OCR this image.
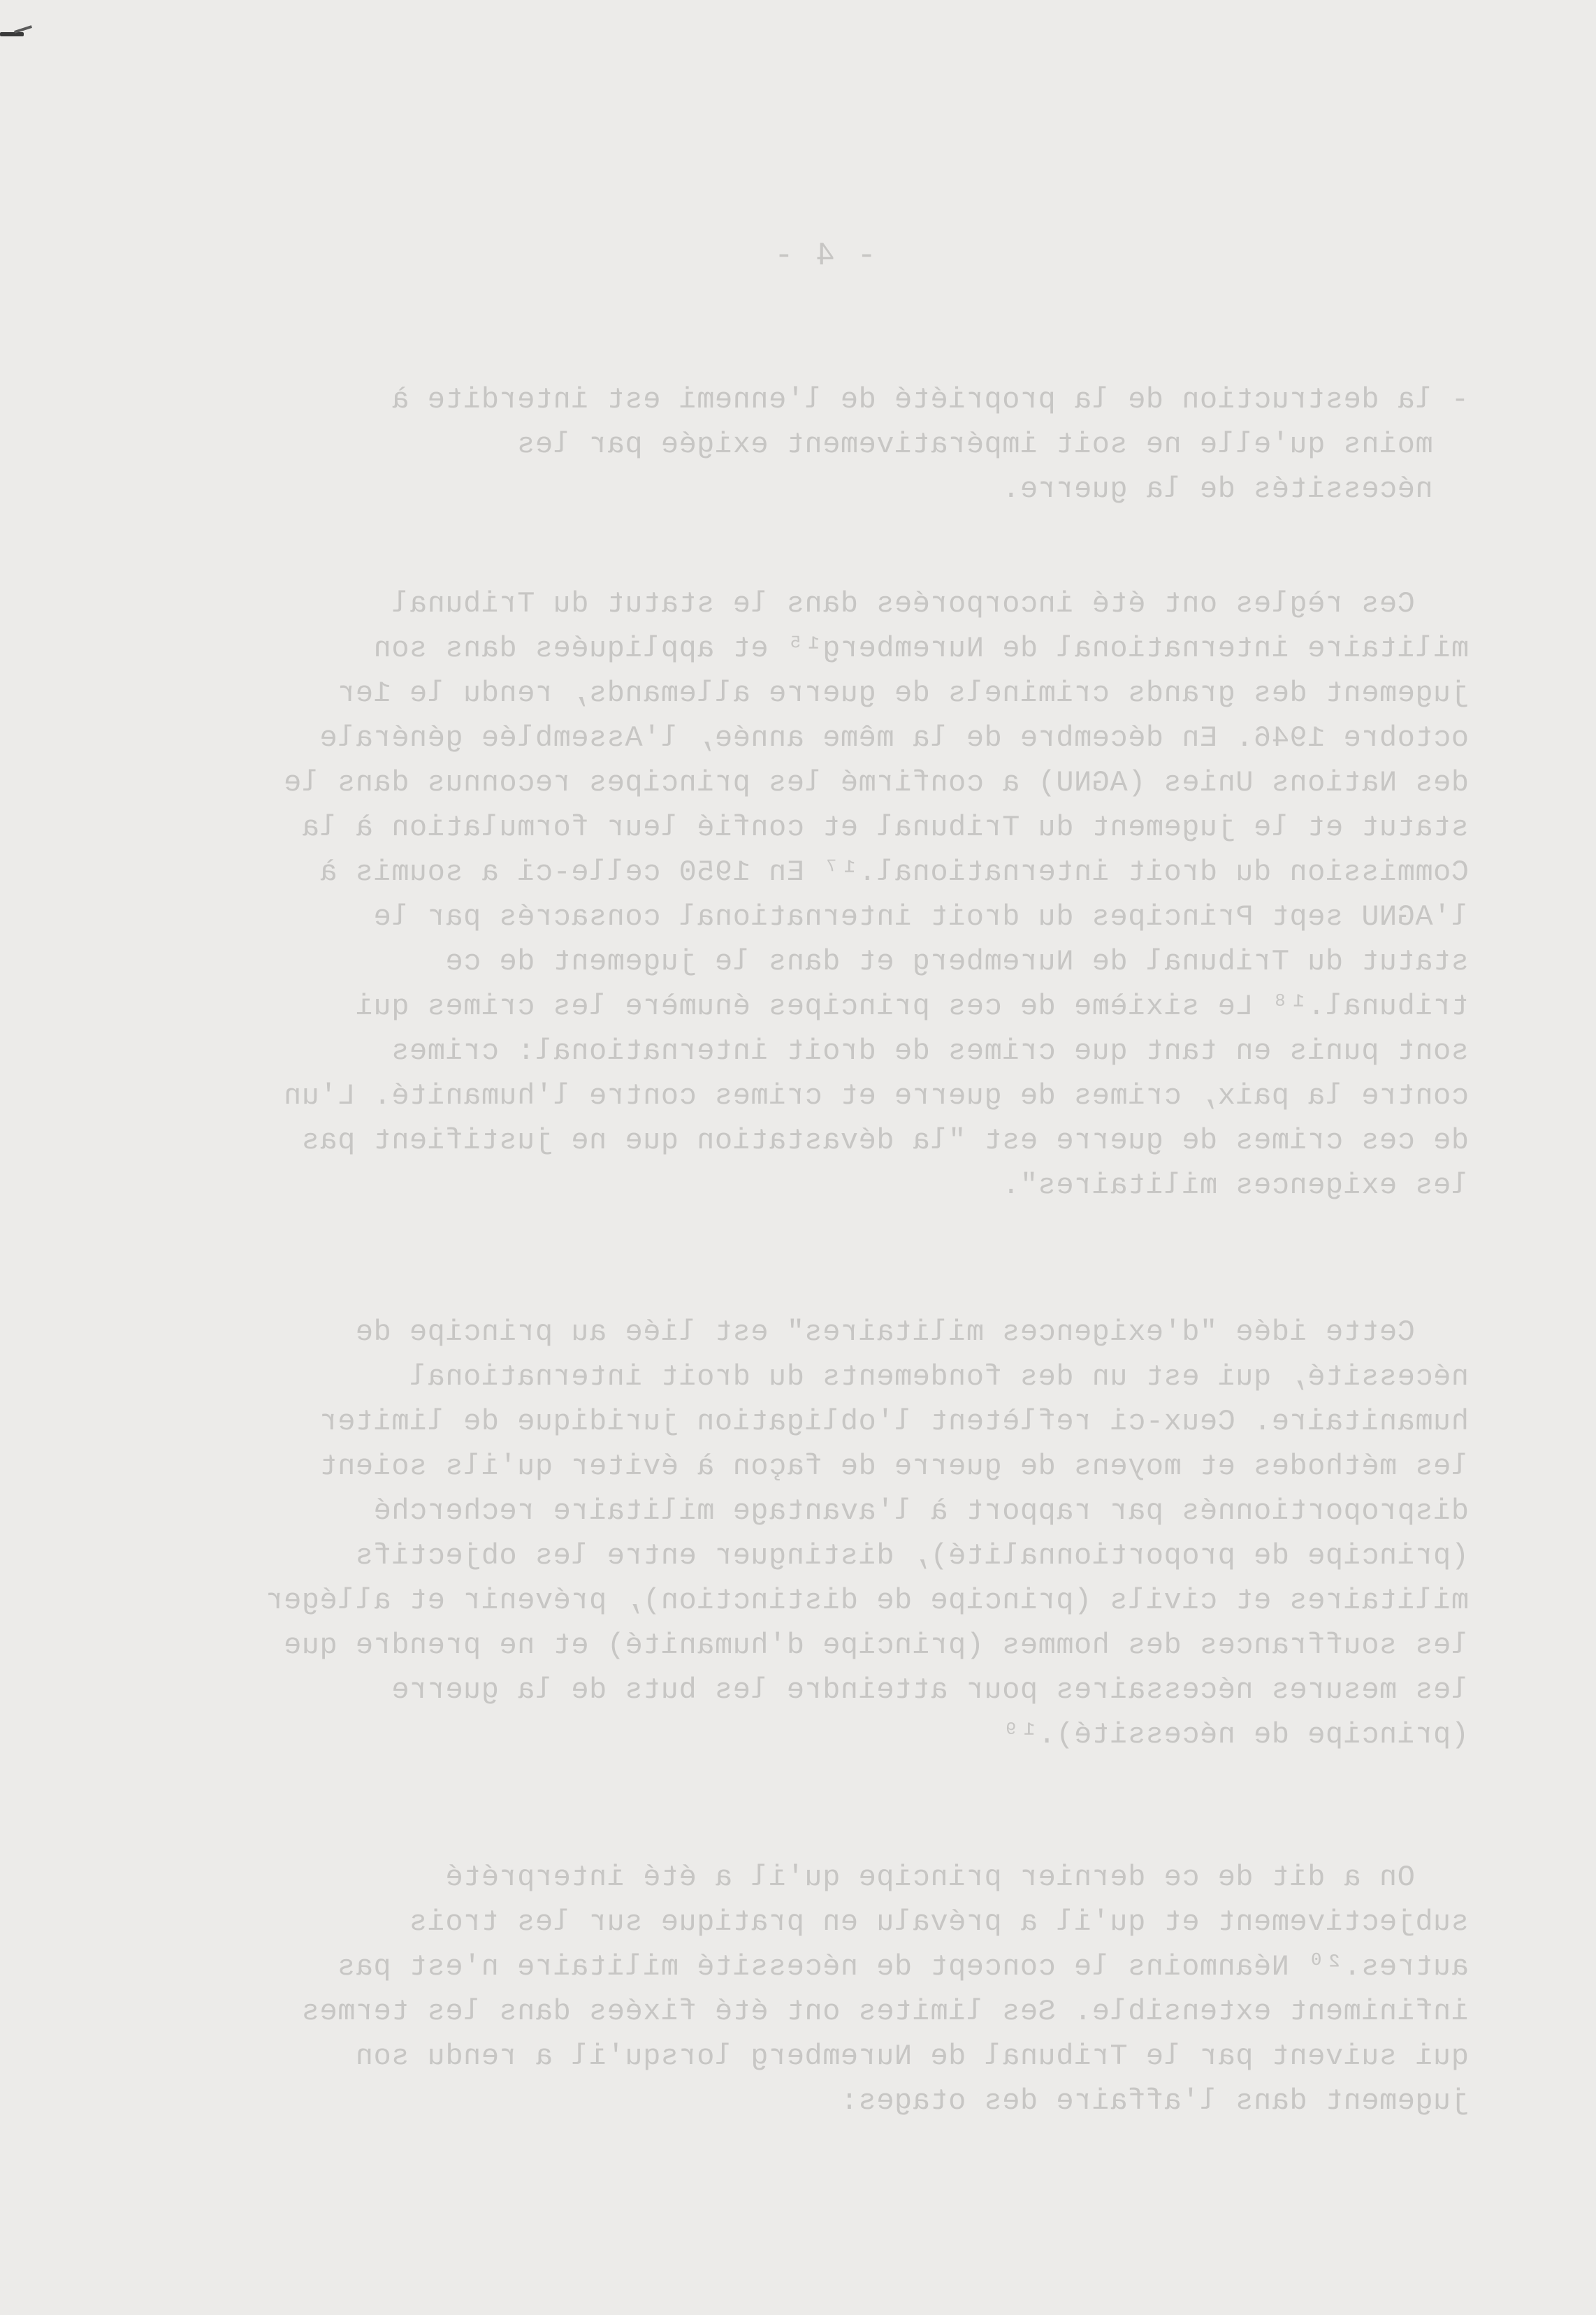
- 4 -

- la destruction de la propriété de l'ennemi est interdite à
moins qu'elle ne soit impérativement exigée par les
nécessités de la guerre.
Ces règles ont été incorporées dans le statut du Tribunal
militaire international de Nuremberg¹⁵ et appliquées dans son
jugement des grands criminels de guerre allemands, rendu le 1er
octobre 1946. En décembre de la même année, l'Assemblée générale
des Nations Unies (AGNU) a confirmé les principes reconnus dans le
statut et le jugement du Tribunal et confié leur formulation à la
Commission du droit international.¹⁷ En 1950 celle-ci a soumis à
l'AGNU sept Principes du droit international consacrés par le
statut du Tribunal de Nuremberg et dans le jugement de ce
tribunal.¹⁸ Le sixième de ces principes énumère les crimes qui
sont punis en tant que crimes de droit international: crimes
contre la paix, crimes de guerre et crimes contre l'humanité. L'un
de ces crimes de guerre est "la dévastation que ne justifient pas
les exigences militaires".
Cette idée "d'exigences militaires" est liée au principe de
nécessité, qui est un des fondements du droit international
humanitaire. Ceux-ci reflètent l'obligation juridique de limiter
les méthodes et moyens de guerre de façon à éviter qu'ils soient
disproportionnés par rapport à l'avantage militaire recherché
(principe de proportionnalité), distinguer entre les objectifs
militaires et civils (principe de distinction), prévenir et alléger
les souffrances des hommes (principe d'humanité) et ne prendre que
les mesures nécessaires pour atteindre les buts de la guerre
(principe de nécessité).¹⁹
On a dit de ce dernier principe qu'il a été interprété
subjectivement et qu'il a prévalu en pratique sur les trois
autres.²⁰ Néanmoins le concept de nécessité militaire n'est pas
infiniment extensible. Ses limites ont été fixées dans les termes
qui suivent par le Tribunal de Nuremberg lorsqu'il a rendu son
jugement dans l'affaire des otages:
